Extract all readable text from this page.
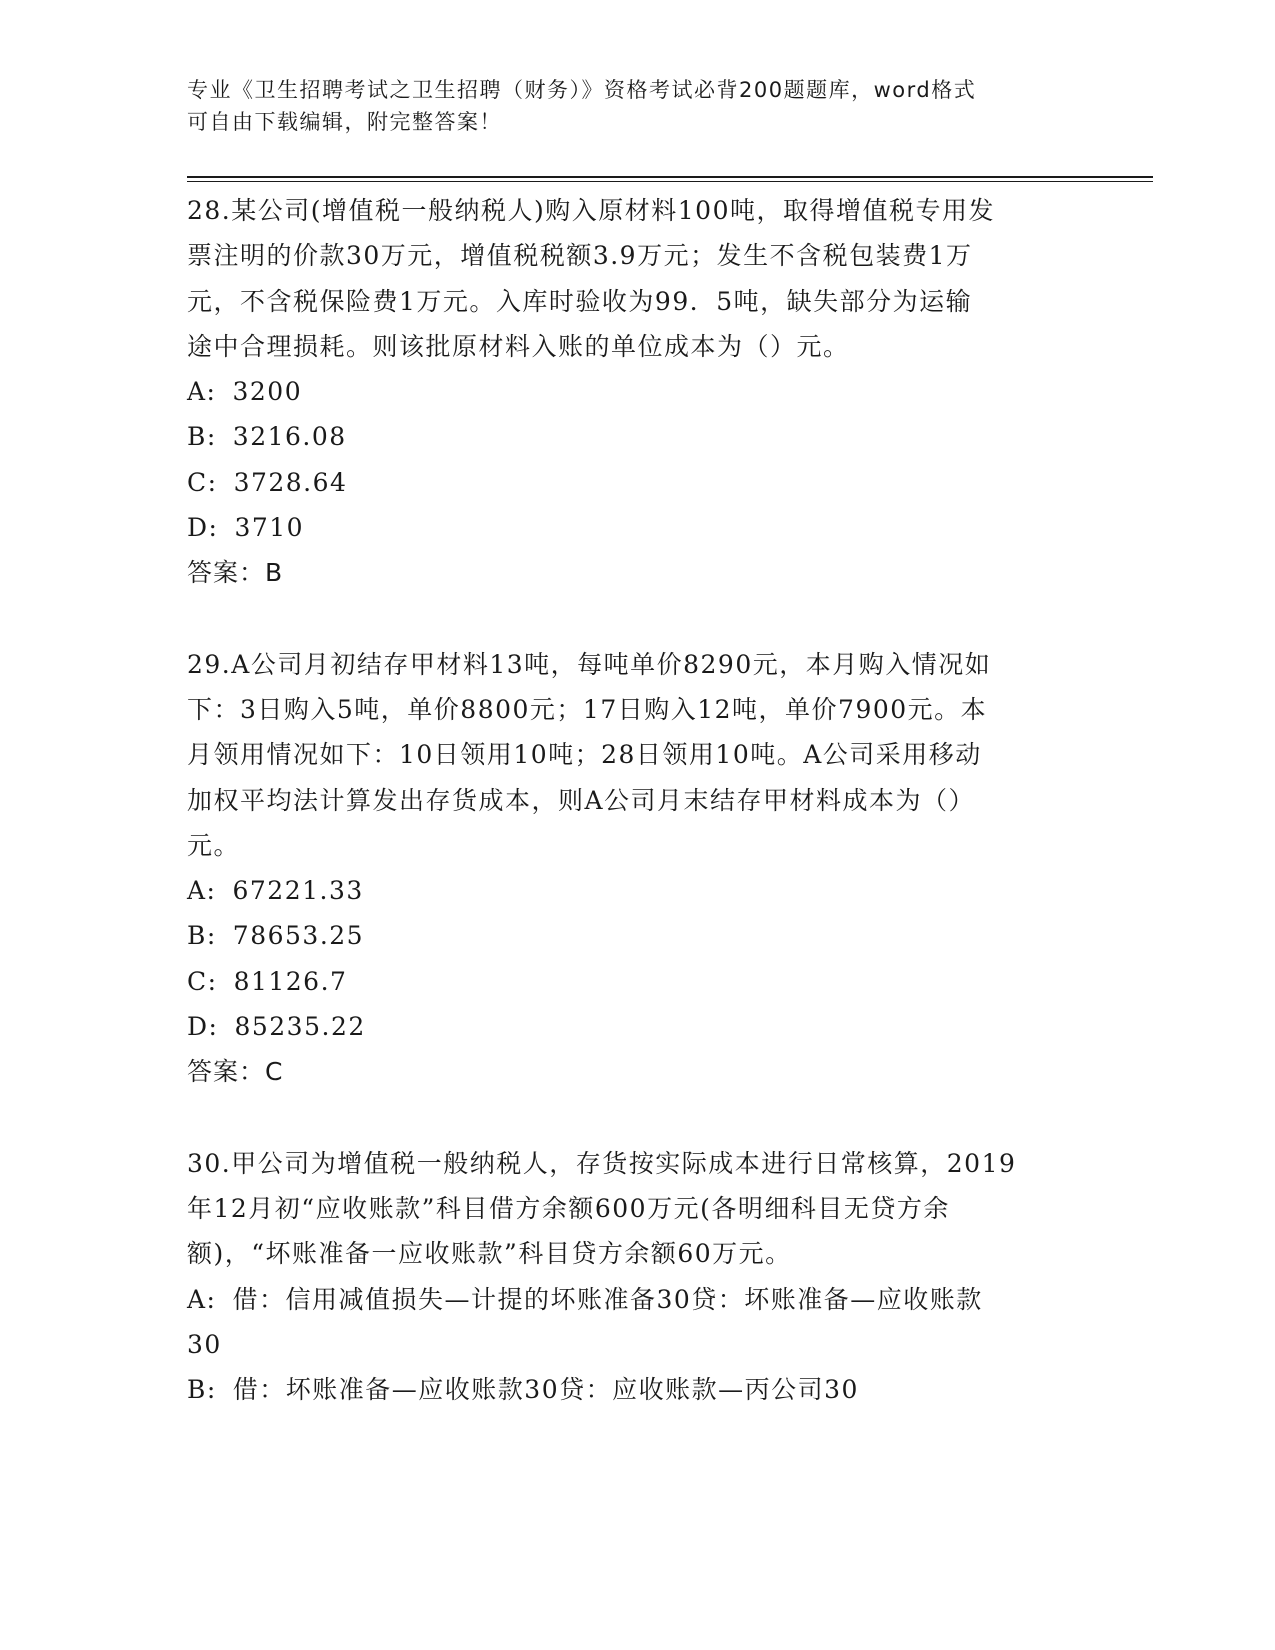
专业《卫生招聘考试之卫生招聘（财务）》资格考试必背200题题库，word格式
可自由下载编辑，附完整答案！
28.某公司(增值税一般纳税人)购入原材料100吨，取得增值税专用发
票注明的价款30万元，增值税税额3.9万元；发生不含税包装费1万
元，不含税保险费1万元。入库时验收为99．5吨，缺失部分为运输
途中合理损耗。则该批原材料入账的单位成本为（）元。
A: 3200
B: 3216.08
C: 3728.64
D: 3710
答案：B
29.A公司月初结存甲材料13吨，每吨单价8290元，本月购入情况如
下：3日购入5吨，单价8800元；17日购入12吨，单价7900元。本
月领用情况如下：10日领用10吨；28日领用10吨。A公司采用移动
加权平均法计算发出存货成本，则A公司月末结存甲材料成本为（）
元。
A: 67221.33
B: 78653.25
C: 81126.7
D: 85235.22
答案：C
30.甲公司为增值税一般纳税人，存货按实际成本进行日常核算，2019
年12月初“应收账款”科目借方余额600万元(各明细科目无贷方余
额)，“坏账准备一应收账款”科目贷方余额60万元。
A: 借：信用减值损失—计提的坏账准备30贷：坏账准备—应收账款
30
B: 借：坏账准备—应收账款30贷：应收账款—丙公司30
